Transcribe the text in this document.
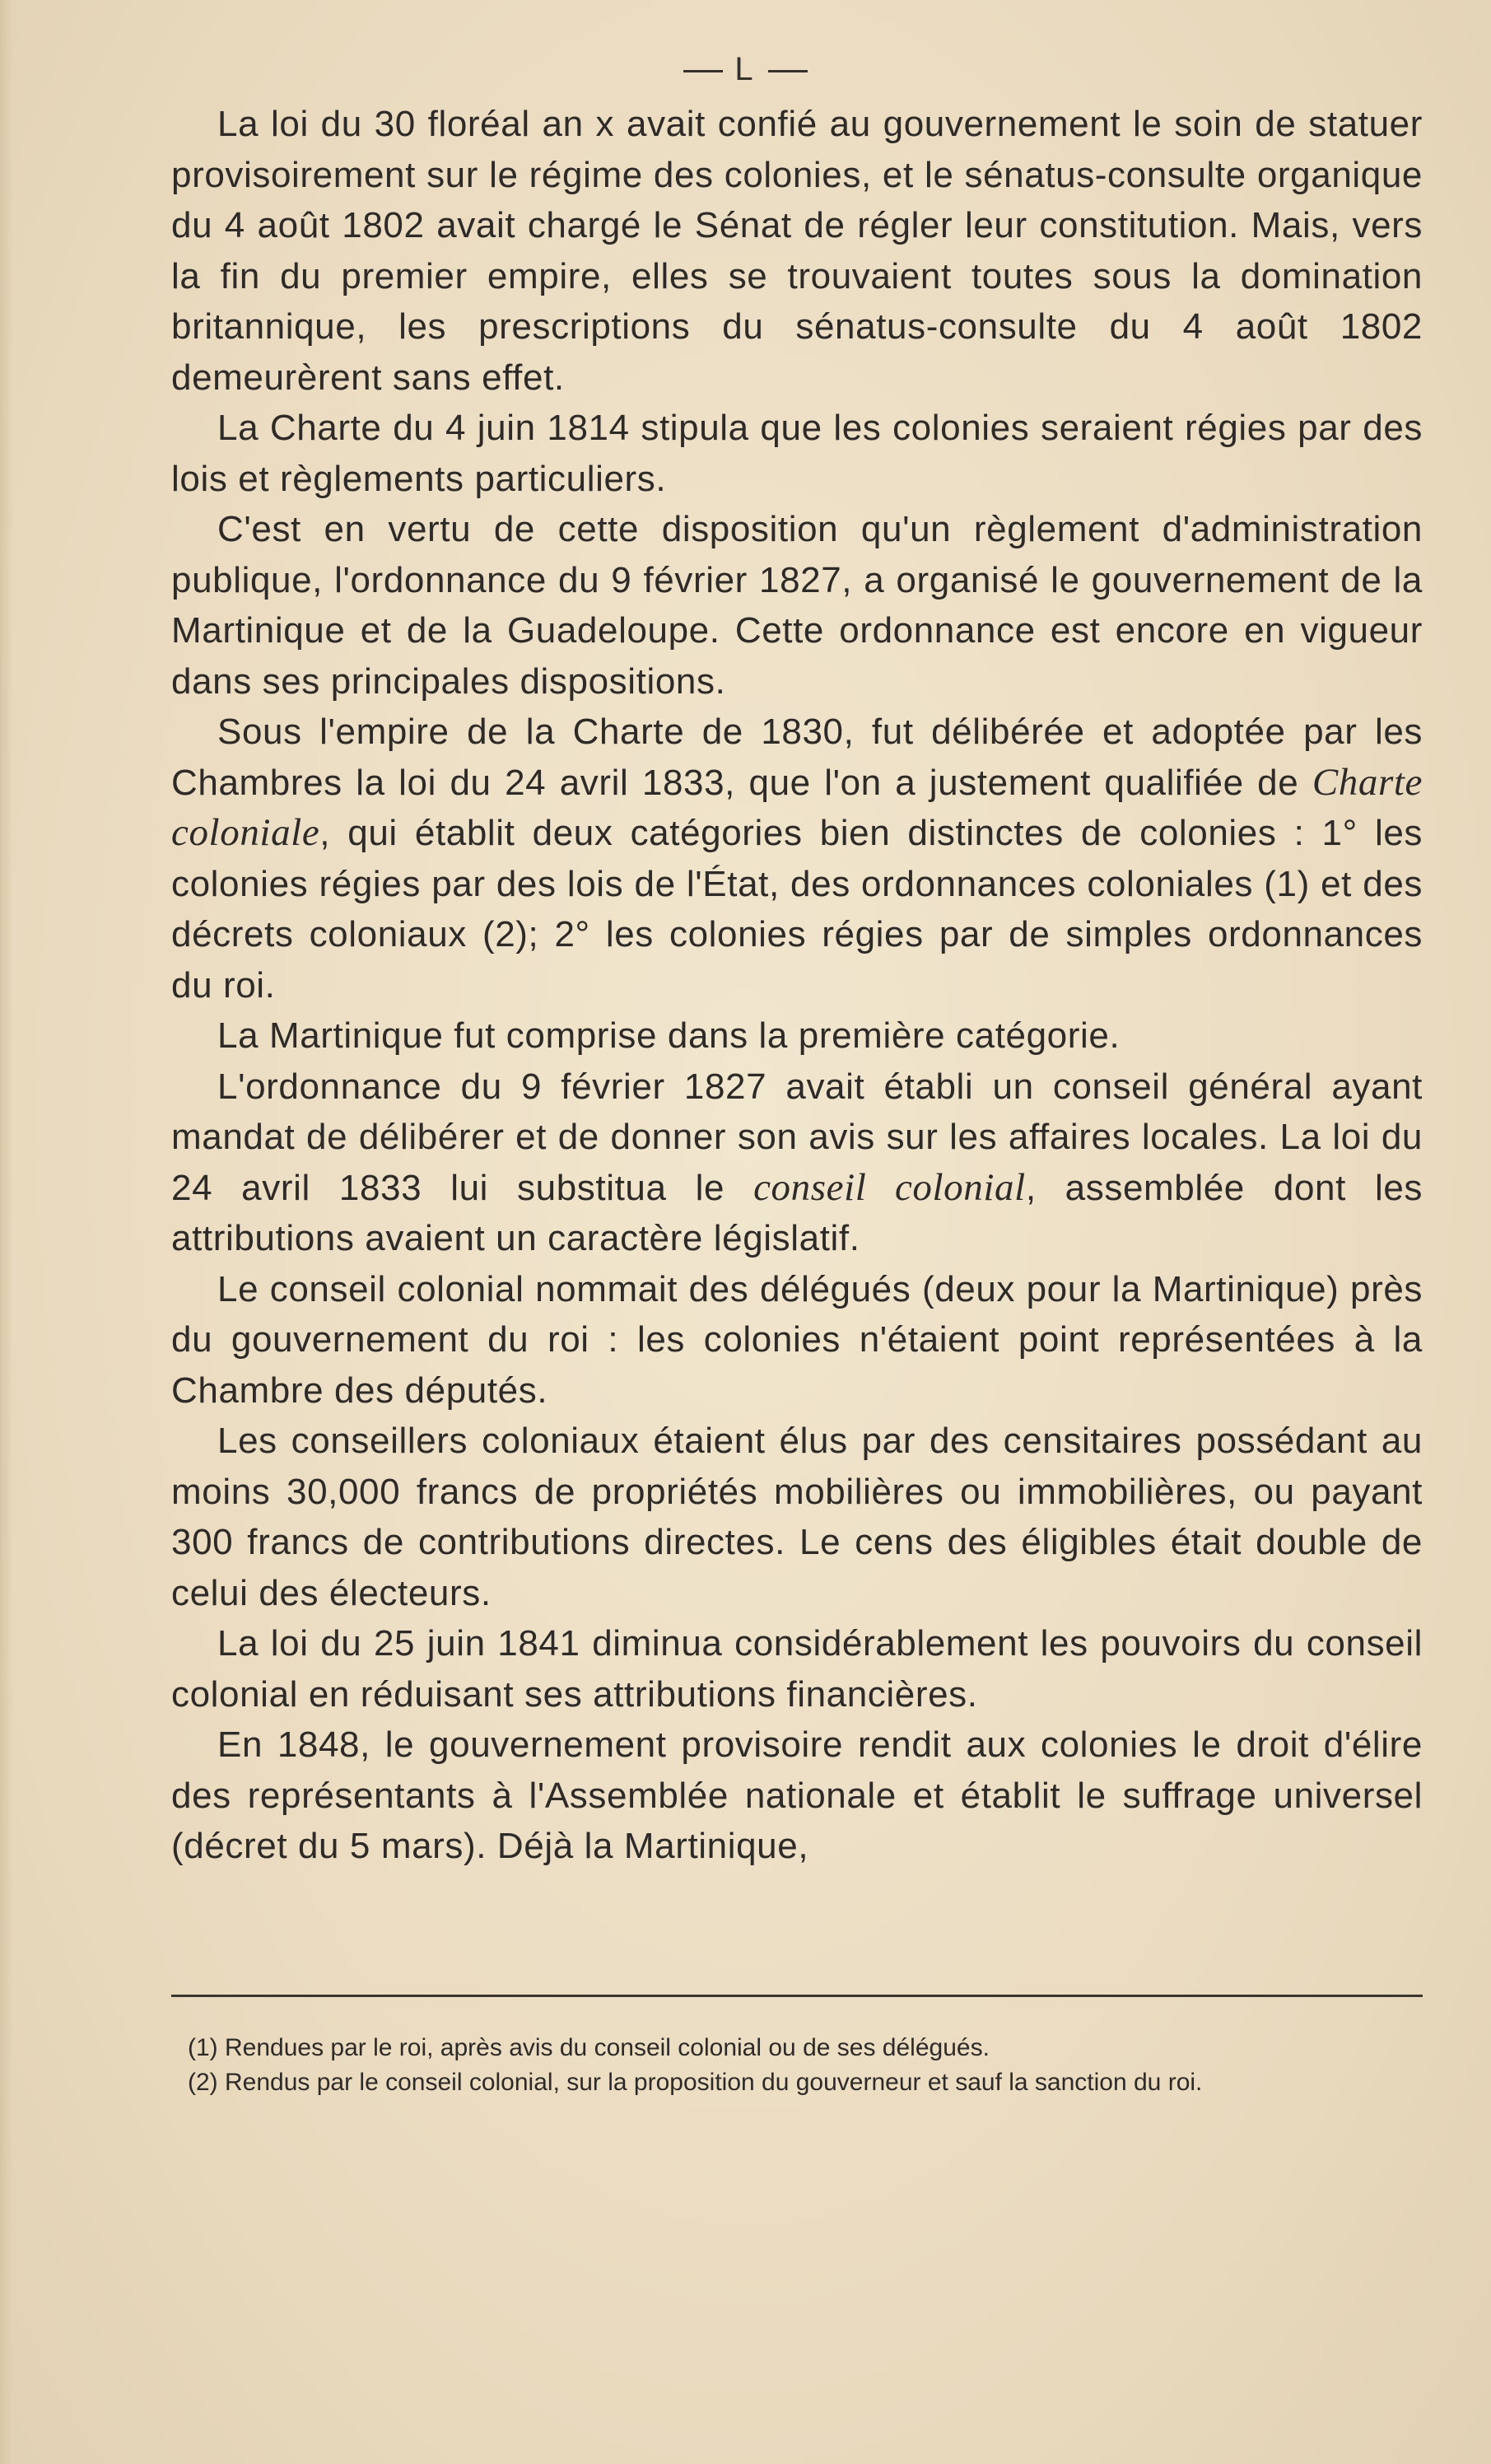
L

La loi du 30 floréal an x avait confié au gouvernement le soin de statuer provisoirement sur le régime des colonies, et le sénatus-consulte organique du 4 août 1802 avait chargé le Sénat de régler leur constitution. Mais, vers la fin du premier empire, elles se trouvaient toutes sous la domination britannique, les prescriptions du sénatus-consulte du 4 août 1802 demeurèrent sans effet.

La Charte du 4 juin 1814 stipula que les colonies seraient régies par des lois et règlements particuliers.

C'est en vertu de cette disposition qu'un règlement d'administration publique, l'ordonnance du 9 février 1827, a organisé le gouvernement de la Martinique et de la Guadeloupe. Cette ordonnance est encore en vigueur dans ses principales dispositions.

Sous l'empire de la Charte de 1830, fut délibérée et adoptée par les Chambres la loi du 24 avril 1833, que l'on a justement qualifiée de Charte coloniale, qui établit deux catégories bien distinctes de colonies : 1° les colonies régies par des lois de l'État, des ordonnances coloniales (1) et des décrets coloniaux (2); 2° les colonies régies par de simples ordonnances du roi.

La Martinique fut comprise dans la première catégorie.

L'ordonnance du 9 février 1827 avait établi un conseil général ayant mandat de délibérer et de donner son avis sur les affaires locales. La loi du 24 avril 1833 lui substitua le conseil colonial, assemblée dont les attributions avaient un caractère législatif.

Le conseil colonial nommait des délégués (deux pour la Martinique) près du gouvernement du roi : les colonies n'étaient point représentées à la Chambre des députés.

Les conseillers coloniaux étaient élus par des censitaires possédant au moins 30,000 francs de propriétés mobilières ou immobilières, ou payant 300 francs de contributions directes. Le cens des éligibles était double de celui des électeurs.

La loi du 25 juin 1841 diminua considérablement les pouvoirs du conseil colonial en réduisant ses attributions financières.

En 1848, le gouvernement provisoire rendit aux colonies le droit d'élire des représentants à l'Assemblée nationale et établit le suffrage universel (décret du 5 mars). Déjà la Martinique,

(1) Rendues par le roi, après avis du conseil colonial ou de ses délégués.

(2) Rendus par le conseil colonial, sur la proposition du gouverneur et sauf la sanction du roi.
